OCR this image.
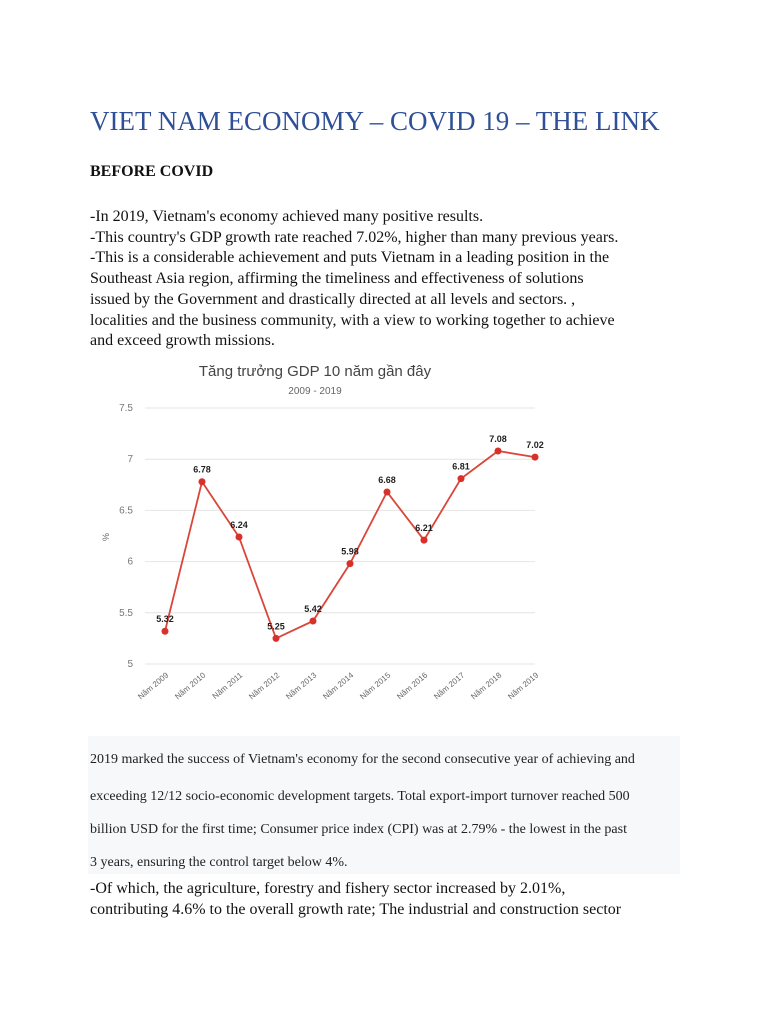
VIET NAM ECONOMY – COVID 19 – THE LINK
BEFORE COVID

-In 2019, Vietnam's economy achieved many positive results.

-This country's GDP growth rate reached 7.02%, higher than many previous years.

-This is a considerable achievement and puts Vietnam in a leading position in the

Southeast Asia region, affirming the timeliness and effectiveness of solutions

issued by the Government and drastically directed at all levels and sectors. ,

localities and the business community, with a view to working together to achieve

and exceed growth missions.

Tăng trưởng GDP 10 năm gần đây
2009 - 2019
%
5
5.5
6
6.5
7
7.5
5.32
6.78
6.24
5.25
5.42
5.98
6.68
6.21
6.81
7.08
7.02
Năm 2009 Năm 2010 Năm 2011 Năm 2012 Năm 2013 Năm 2014 Năm 2015 Năm 2016 Năm 2017 Năm 2018 Năm 2019
2019 marked the success of Vietnam's economy for the second consecutive year of achieving and
exceeding 12/12 socio-economic development targets. Total export-import turnover reached 500
billion USD for the first time; Consumer price index (CPI) was at 2.79% - the lowest in the past
3 years, ensuring the control target below 4%.

-Of which, the agriculture, forestry and fishery sector increased by 2.01%,

contributing 4.6% to the overall growth rate; The industrial and construction sector
